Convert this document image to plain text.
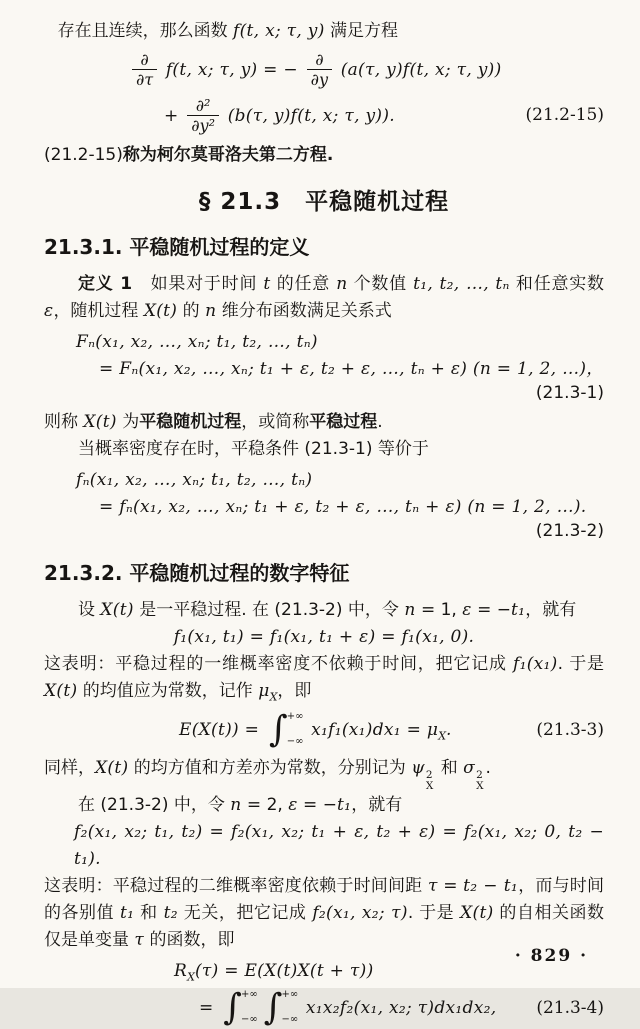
存在且连续，那么函数 f(t, x; τ, y) 满足方程

$\frac{\partial}{\partial\tau} f(t$, x; τ, y) = − $\frac{\partial}{\partial y} (a(\tau$, y)f(t, x; τ, y))
+ $\frac{\text{∂²}}{\text{∂y²}} (b(\tau$, y)f(t, x; τ, y)).	(21.2-15)

(21.2-15)称为柯尔莫哥洛夫第二方程.

§ 21.3　平稳随机过程
21.3.1. 平稳随机过程的定义

定义 1　如果对于时间 t 的任意 n 个数值 t₁, t₂, …, tₙ 和任意实数 ε，随机过程 X(t) 的 n 维分布函数满足关系式

Fₙ(x₁, x₂, …, xₙ; t₁, t₂, …, tₙ)
= Fₙ(x₁, x₂, …, xₙ; t₁ + ε, t₂ + ε, …, tₙ + ε) (n = 1, 2, …)，
(21.3-1)

则称 X(t) 为平稳随机过程，或简称平稳过程.

当概率密度存在时，平稳条件 (21.3-1) 等价于

fₙ(x₁, x₂, …, xₙ; t₁, t₂, …, tₙ)
= fₙ(x₁, x₂, …, xₙ; t₁ + ε, t₂ + ε, …, tₙ + ε) (n = 1, 2, …).
(21.3-2)
21.3.2. 平稳随机过程的数字特征

设 X(t) 是一平稳过程. 在 (21.3-2) 中，令 n = 1, ε = −t₁，就有

f₁(x₁, t₁) = f₁(x₁, t₁ + ε) = f₁(x₁, 0).

这表明：平稳过程的一维概率密度不依赖于时间，把它记成 f₁(x₁). 于是 X(t) 的均值应为常数，记作 $\mu_X$，即

E(X(t)) = ∫ +∞
−∞
$x_1f_1(x_1)dx_1 = \mu_X$.	(21.3-3)

同样，X(t) 的均方值和方差亦为常数，分别记为 ψ 2
X
和 σ 2
X
.

在 (21.3-2) 中，令 n = 2, ε = −t₁，就有

f₂(x₁, x₂; t₁, t₂) = f₂(x₁, x₂; t₁ + ε, t₂ + ε) = f₂(x₁, x₂; 0, t₂ − t₁).

这表明：平稳过程的二维概率密度依赖于时间间距 τ = t₂ − t₁，而与时间的各别值 t₁ 和 t₂ 无关，把它记成 f₂(x₁, x₂; τ). 于是 X(t) 的自相关函数仅是单变量 τ 的函数，即

$R_X(\tau) = E(X(t)X(t + \tau))$
= ∫ +∞
−∞ ∫ +∞
−∞
x₁x₂f₂(x₁, x₂; τ)dx₁dx₂, (21.3-4)
· 829 ·
